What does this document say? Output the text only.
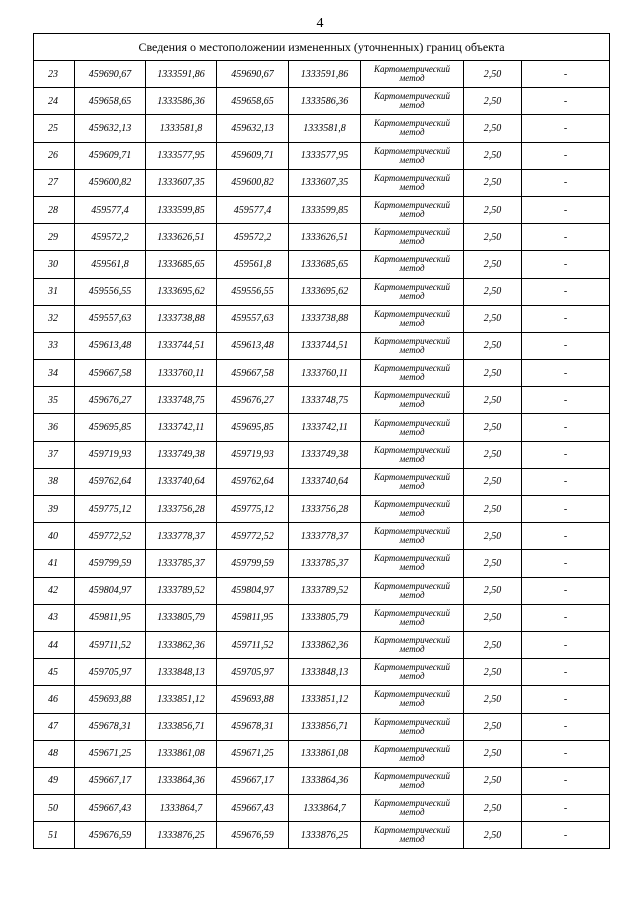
4
Сведения о местоположении измененных (уточненных) границ объекта							
23	459690,67	1333591,86	459690,67	1333591,86	Картометрический метод	2,50	-
24	459658,65	1333586,36	459658,65	1333586,36	Картометрический метод	2,50	-
25	459632,13	1333581,8	459632,13	1333581,8	Картометрический метод	2,50	-
26	459609,71	1333577,95	459609,71	1333577,95	Картометрический метод	2,50	-
27	459600,82	1333607,35	459600,82	1333607,35	Картометрический метод	2,50	-
28	459577,4	1333599,85	459577,4	1333599,85	Картометрический метод	2,50	-
29	459572,2	1333626,51	459572,2	1333626,51	Картометрический метод	2,50	-
30	459561,8	1333685,65	459561,8	1333685,65	Картометрический метод	2,50	-
31	459556,55	1333695,62	459556,55	1333695,62	Картометрический метод	2,50	-
32	459557,63	1333738,88	459557,63	1333738,88	Картометрический метод	2,50	-
33	459613,48	1333744,51	459613,48	1333744,51	Картометрический метод	2,50	-
34	459667,58	1333760,11	459667,58	1333760,11	Картометрический метод	2,50	-
35	459676,27	1333748,75	459676,27	1333748,75	Картометрический метод	2,50	-
36	459695,85	1333742,11	459695,85	1333742,11	Картометрический метод	2,50	-
37	459719,93	1333749,38	459719,93	1333749,38	Картометрический метод	2,50	-
38	459762,64	1333740,64	459762,64	1333740,64	Картометрический метод	2,50	-
39	459775,12	1333756,28	459775,12	1333756,28	Картометрический метод	2,50	-
40	459772,52	1333778,37	459772,52	1333778,37	Картометрический метод	2,50	-
41	459799,59	1333785,37	459799,59	1333785,37	Картометрический метод	2,50	-
42	459804,97	1333789,52	459804,97	1333789,52	Картометрический метод	2,50	-
43	459811,95	1333805,79	459811,95	1333805,79	Картометрический метод	2,50	-
44	459711,52	1333862,36	459711,52	1333862,36	Картометрический метод	2,50	-
45	459705,97	1333848,13	459705,97	1333848,13	Картометрический метод	2,50	-
46	459693,88	1333851,12	459693,88	1333851,12	Картометрический метод	2,50	-
47	459678,31	1333856,71	459678,31	1333856,71	Картометрический метод	2,50	-
48	459671,25	1333861,08	459671,25	1333861,08	Картометрический метод	2,50	-
49	459667,17	1333864,36	459667,17	1333864,36	Картометрический метод	2,50	-
50	459667,43	1333864,7	459667,43	1333864,7	Картометрический метод	2,50	-
51	459676,59	1333876,25	459676,59	1333876,25	Картометрический метод	2,50	-
